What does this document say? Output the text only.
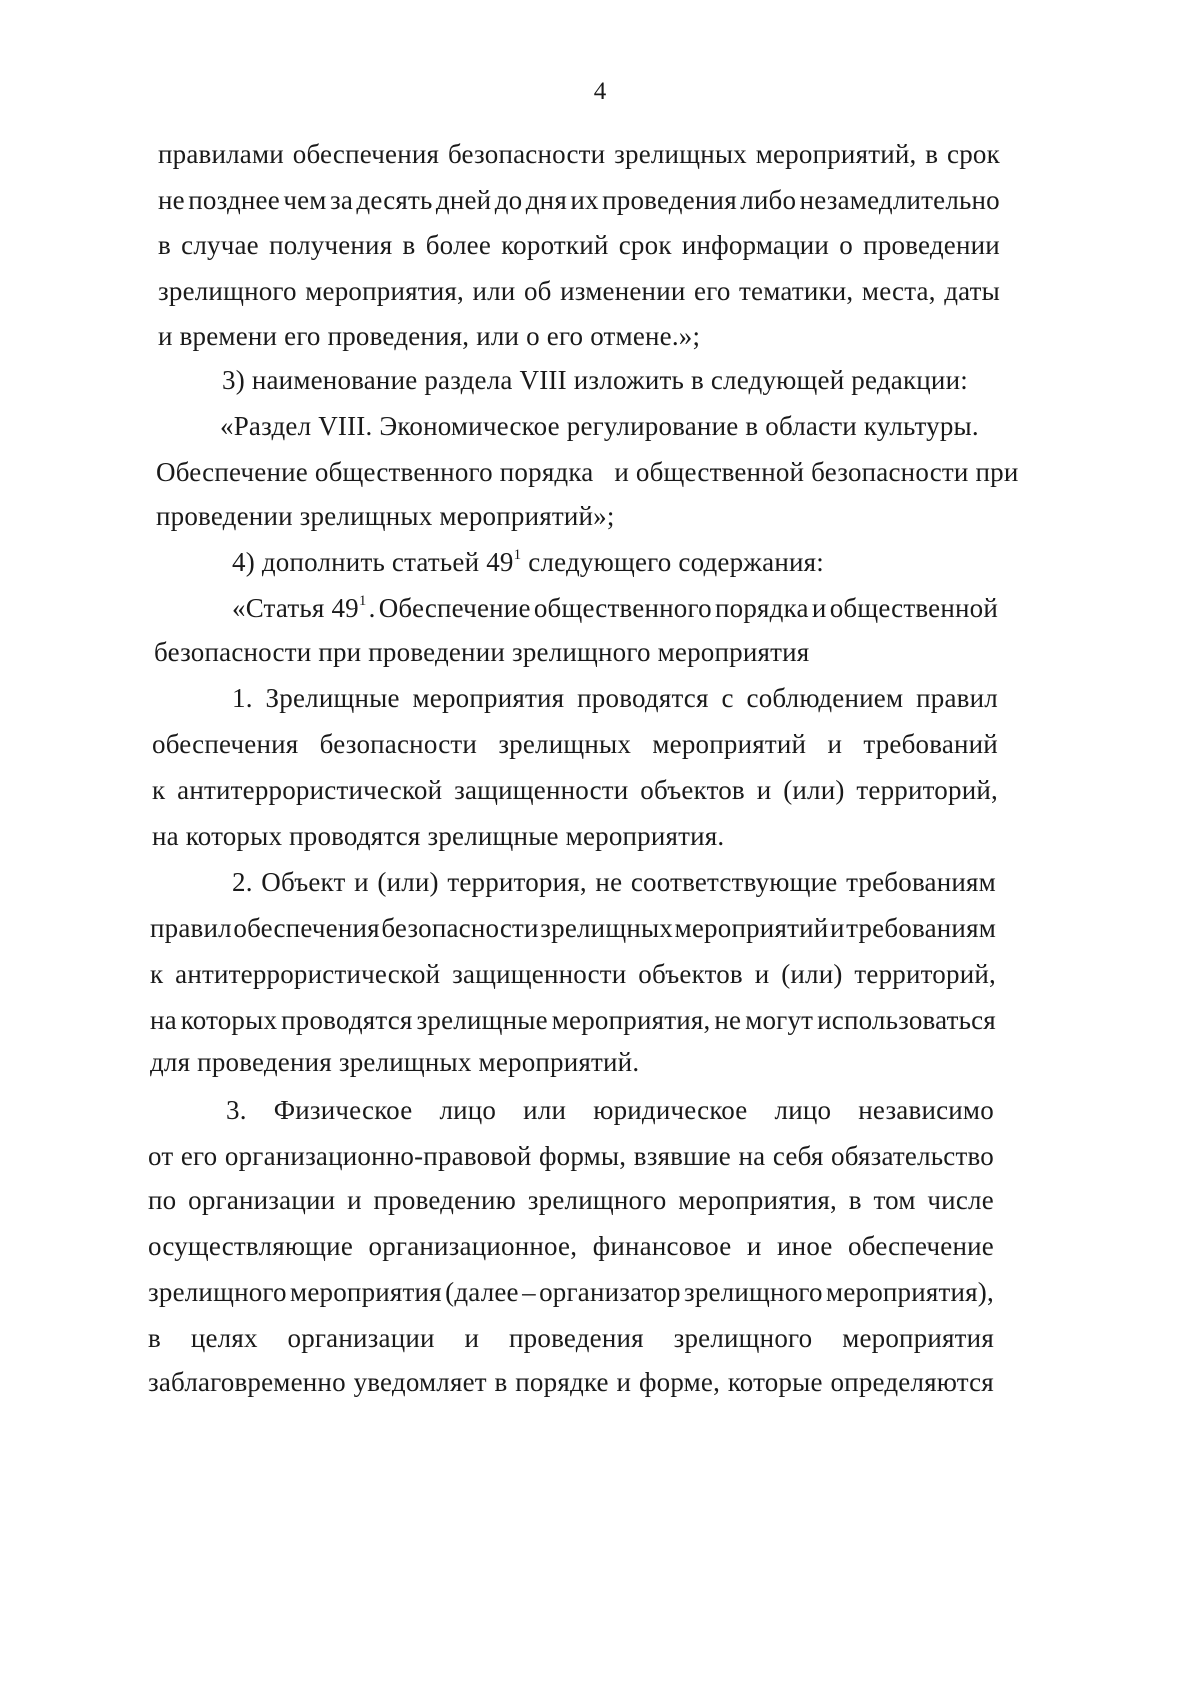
4
правилами обеспечения безопасности зрелищных мероприятий, в срок
не позднее чем за десять дней до дня их проведения либо незамедлительно
в случае получения в более короткий срок информации о проведении
зрелищного мероприятия, или об изменении его тематики, места, даты
и времени его проведения, или о его отмене.»;
3) наименование раздела VIII изложить в следующей редакции:
«Раздел VIII. Экономическое регулирование в области культуры.
Обеспечение общественного порядка   и общественной безопасности при
проведении зрелищных мероприятий»;
4) дополнить статьей $49^1$ следующего содержания:
«Статья $49^1$ . Обеспечение общественного порядка и общественной
безопасности при проведении зрелищного мероприятия
1. Зрелищные мероприятия проводятся с соблюдением правил
обеспечения безопасности зрелищных мероприятий и требований
к антитеррористической защищенности объектов и (или) территорий,
на которых проводятся зрелищные мероприятия.
2. Объект и (или) территория, не соответствующие требованиям
правил обеспечения безопасности зрелищных мероприятий и требованиям
к антитеррористической защищенности объектов и (или) территорий,
на которых проводятся зрелищные мероприятия, не могут использоваться
для проведения зрелищных мероприятий.
3. Физическое лицо или юридическое лицо независимо
от его организационно-правовой формы, взявшие на себя обязательство
по организации и проведению зрелищного мероприятия, в том числе
осуществляющие организационное, финансовое и иное обеспечение
зрелищного мероприятия (далее – организатор зрелищного мероприятия),
в целях организации и проведения зрелищного мероприятия
заблаговременно уведомляет в порядке и форме, которые определяются
